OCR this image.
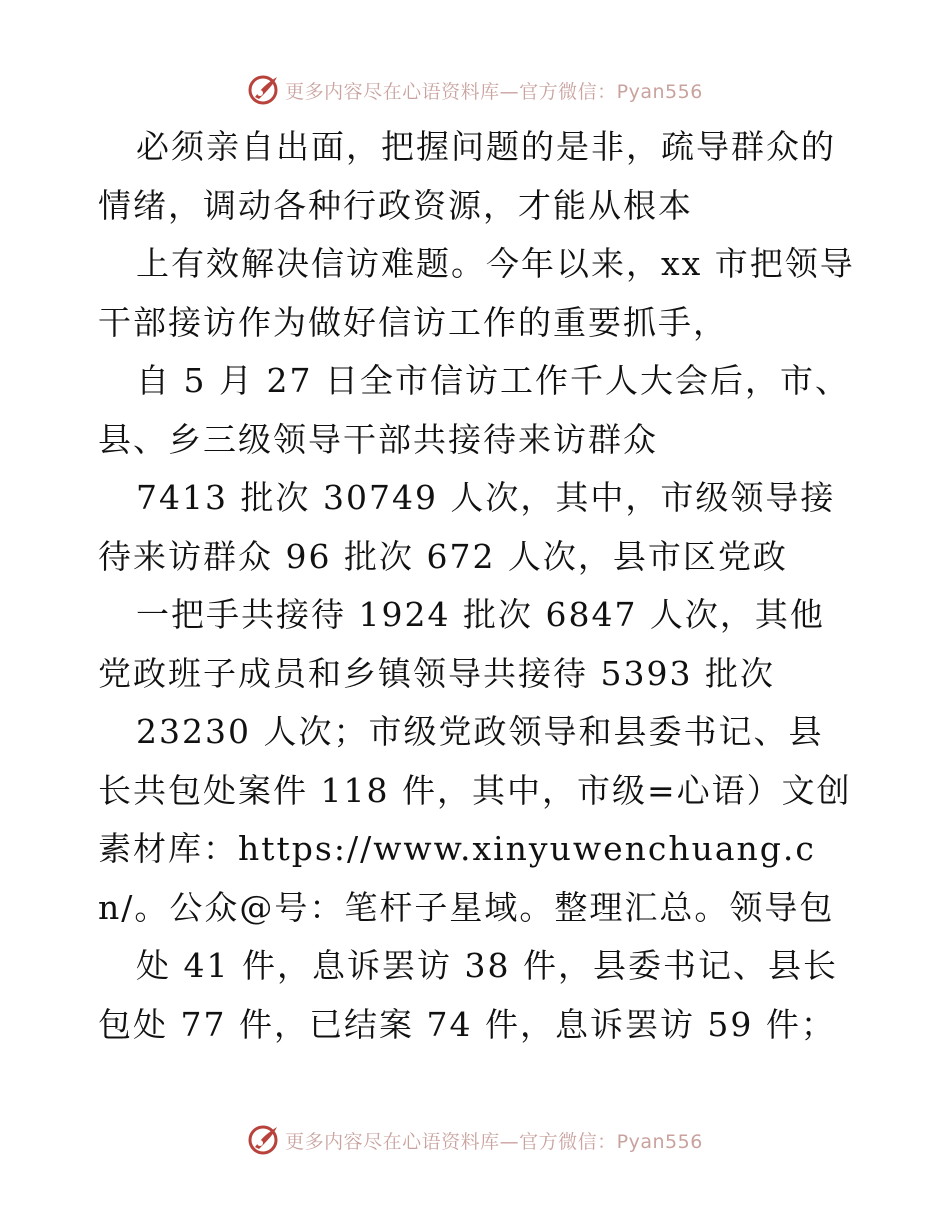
更多内容尽在心语资料库—官方微信：Pyan556

必须亲自出面，把握问题的是非，疏导群众的情绪，调动各种行政资源，才能从根本

上有效解决信访难题。今年以来，xx 市把领导干部接访作为做好信访工作的重要抓手，

自 5 月 27 日全市信访工作千人大会后，市、县、乡三级领导干部共接待来访群众

7413 批次 30749 人次，其中，市级领导接待来访群众 96 批次 672 人次，县市区党政

一把手共接待 1924 批次 6847 人次，其他党政班子成员和乡镇领导共接待 5393 批次

23230 人次；市级党政领导和县委书记、县长共包处案件 118 件，其中，市级=心语）文创素材库：https://www.xinyuwenchuang.cn/。公众@号：笔杆子星域。整理汇总。领导包

处 41 件，息诉罢访 38 件，县委书记、县长包处 77 件，已结案 74 件，息诉罢访 59 件；

更多内容尽在心语资料库—官方微信：Pyan556
